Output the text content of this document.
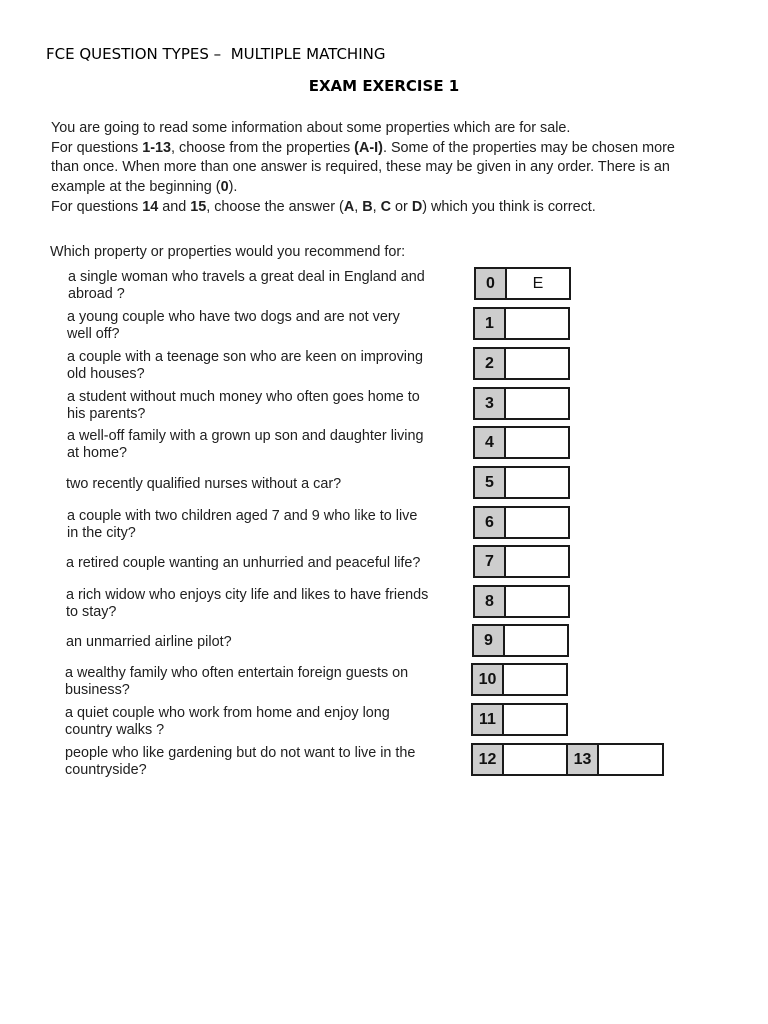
FCE QUESTION TYPES –  MULTIPLE MATCHING
EXAM EXERCISE 1
You are going to read some information about some properties which are for sale.
For questions 1-13, choose from the properties (A-I). Some of the properties may be chosen more
than once. When more than one answer is required, these may be given in any order. There is an
example at the beginning (0).
For questions 14 and 15, choose the answer (A, B, C or D) which you think is correct.
Which property or properties would you recommend for:
a single woman who travels a great deal in England and
abroad ?
0	E
a young couple who have two dogs and are not very
well off?
1
a couple with a teenage son who are keen on improving
old houses?
2
a student without much money who often goes home to
his parents?
3
a well-off family with a grown up son and daughter living
at home?
4
two recently qualified nurses without a car?	5
a couple with two children aged 7 and 9 who like to live
in the city?
6
a retired couple wanting an unhurried and peaceful life?	7
a rich widow who enjoys city life and likes to have friends
to stay?
8
an unmarried airline pilot?	9
a wealthy family who often entertain foreign guests on
business?
10
a quiet couple who work from home and enjoy long
country walks ?
11
people who like gardening but do not want to live in the
countryside?
12	13
